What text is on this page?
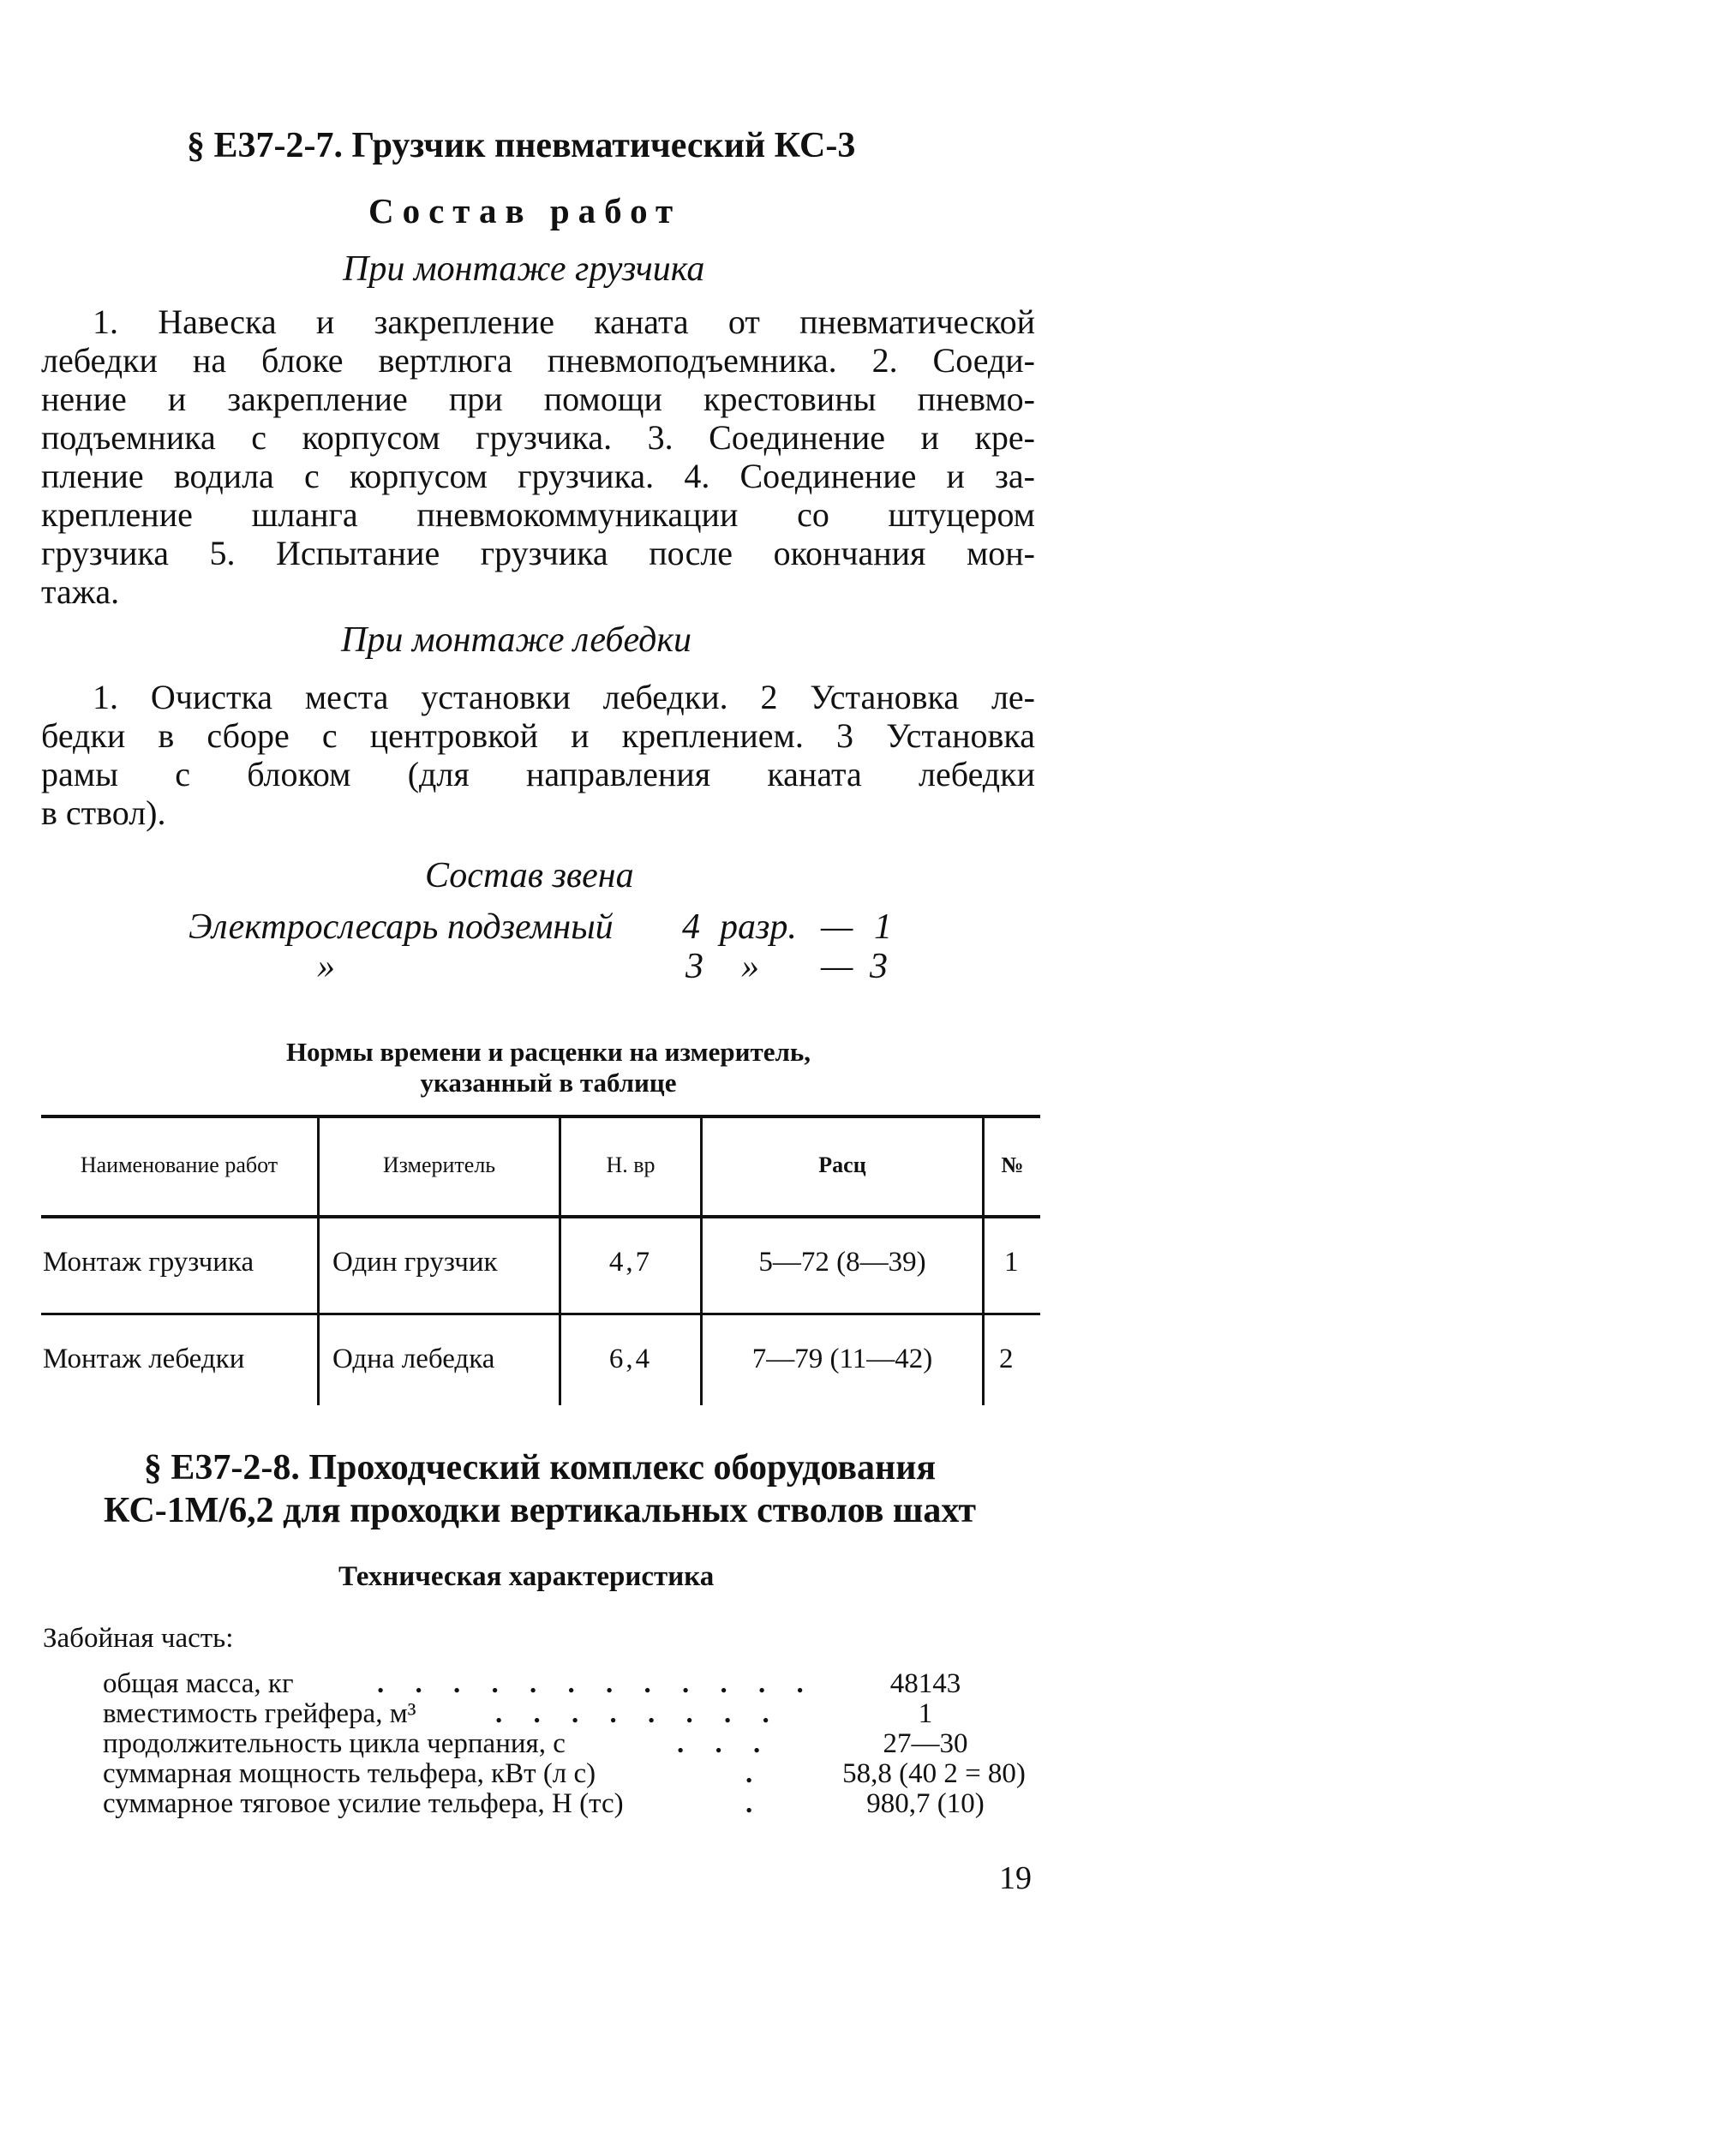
§ Е37-2-7. Грузчик пневматический КС-3
Состав работ
При монтаже грузчика
1. Навеска и закрепление каната от пневматической
лебедки на блоке вертлюга пневмоподъемника. 2. Соеди-
нение и закрепление при помощи крестовины пневмо-
подъемника с корпусом грузчика. 3. Соединение и кре-
пление водила с корпусом грузчика. 4. Соединение и за-
крепление шланга пневмокоммуникации со штуцером
грузчика 5. Испытание грузчика после окончания мон-
тажа.
При монтаже лебедки
1. Очистка места установки лебедки. 2 Установка ле-
бедки в сборе с центровкой и креплением. 3 Установка
рамы с блоком (для направления каната лебедки
в ствол).
Состав звена
Электрослесарь подземный 4 разр. — 1
»	3 » — 3
Нормы времени и расценки на измеритель,
указанный в таблице
Наименование работ	Измеритель	Н. вр	Расц	№
Монтаж грузчика	Один грузчик	4,7	5—72 (8—39)	1
Монтаж лебедки	Одна лебедка	6,4	7—79 (11—42)	2
§ Е37-2-8. Проходческий комплекс оборудования
КС-1М/6,2 для проходки вертикальных стволов шахт
Техническая характеристика
Забойная часть:
общая масса, кг	. . . . . . . . . . . .	48143
вместимость грейфера, м³	. . . . . . . .	1
продолжительность цикла черпания, с	. . .	27—30
суммарная мощность тельфера, кВт (л с)	.	58,8 (40 2 = 80)
суммарное тяговое усилие тельфера, Н (тс)	.	980,7 (10)
19
